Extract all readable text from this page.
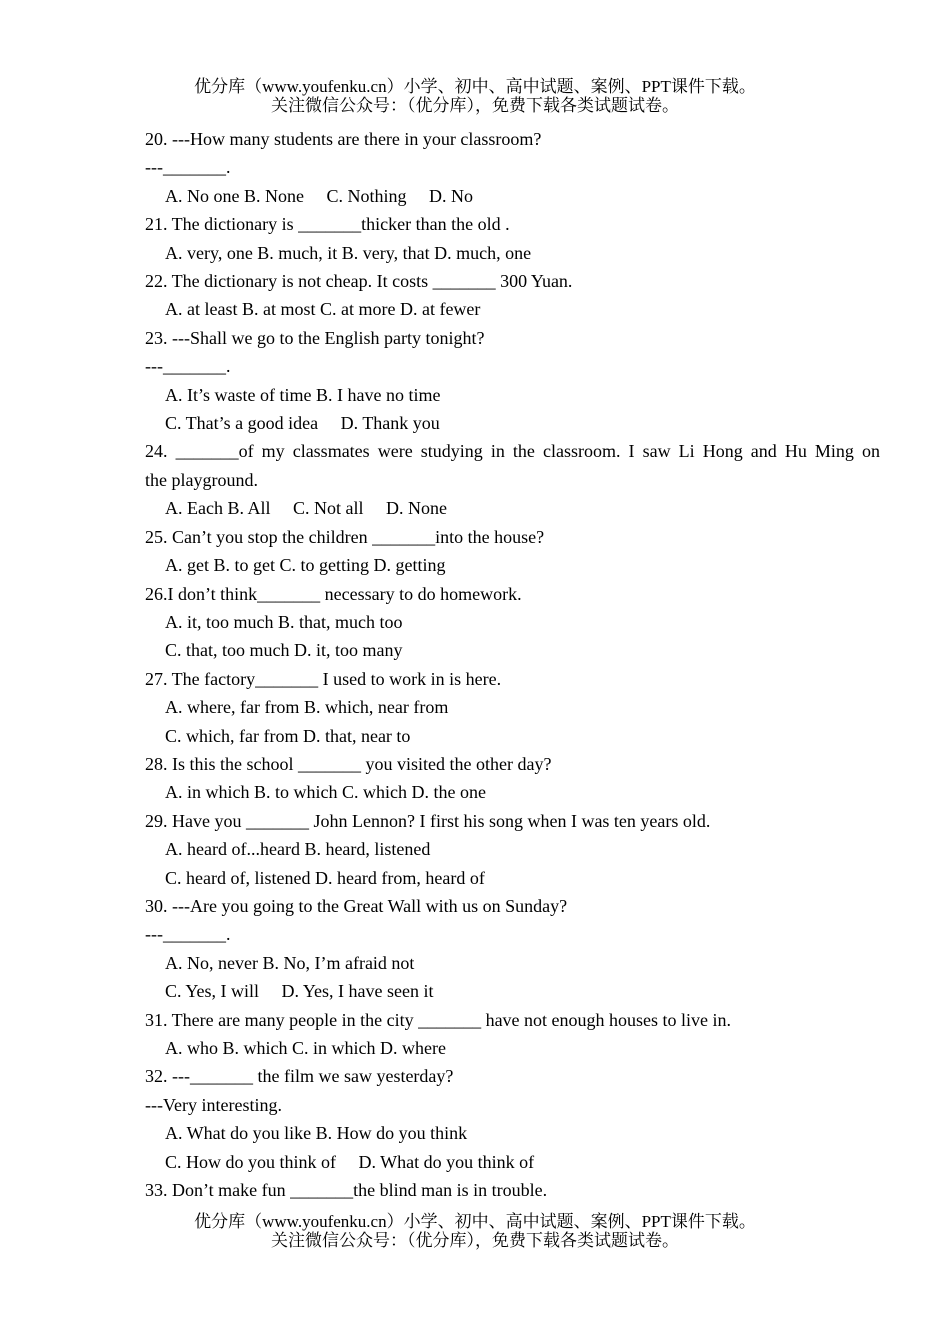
优分库（www.youfenku.cn）小学、初中、高中试题、案例、PPT课件下载。
关注微信公众号：（优分库），免费下载各类试题试卷。
20. ---How many students are there in your classroom?
---_______.
A. No one B. None     C. Nothing     D. No
21. The dictionary is _______thicker than the old .
A. very, one B. much, it B. very, that D. much, one
22. The dictionary is not cheap. It costs _______ 300 Yuan.
A. at least B. at most C. at more D. at fewer
23. ---Shall we go to the English party tonight?
---_______.
A. It’s waste of time B. I have no time
C. That’s a good idea     D. Thank you
24. _______of my classmates were studying in the classroom. I saw Li Hong and Hu Ming on
the playground.
A. Each B. All     C. Not all     D. None
25. Can’t you stop the children _______into the house?
A. get B. to get C. to getting D. getting
26.I don’t think_______ necessary to do homework.
A. it, too much B. that, much too
C. that, too much D. it, too many
27. The factory_______ I used to work in is here.
A. where, far from B. which, near from
C. which, far from D. that, near to
28. Is this the school _______ you visited the other day?
A. in which B. to which C. which D. the one
29. Have you _______ John Lennon? I first his song when I was ten years old.
A. heard of...heard B. heard, listened
C. heard of, listened D. heard from, heard of
30. ---Are you going to the Great Wall with us on Sunday?
---_______.
A. No, never B. No, I’m afraid not
C. Yes, I will     D. Yes, I have seen it
31. There are many people in the city _______ have not enough houses to live in.
A. who B. which C. in which D. where
32. ---_______ the film we saw yesterday?
---Very interesting.
A. What do you like B. How do you think
C. How do you think of     D. What do you think of
33. Don’t make fun _______the blind man is in trouble.
优分库（www.youfenku.cn）小学、初中、高中试题、案例、PPT课件下载。
关注微信公众号：（优分库），免费下载各类试题试卷。
